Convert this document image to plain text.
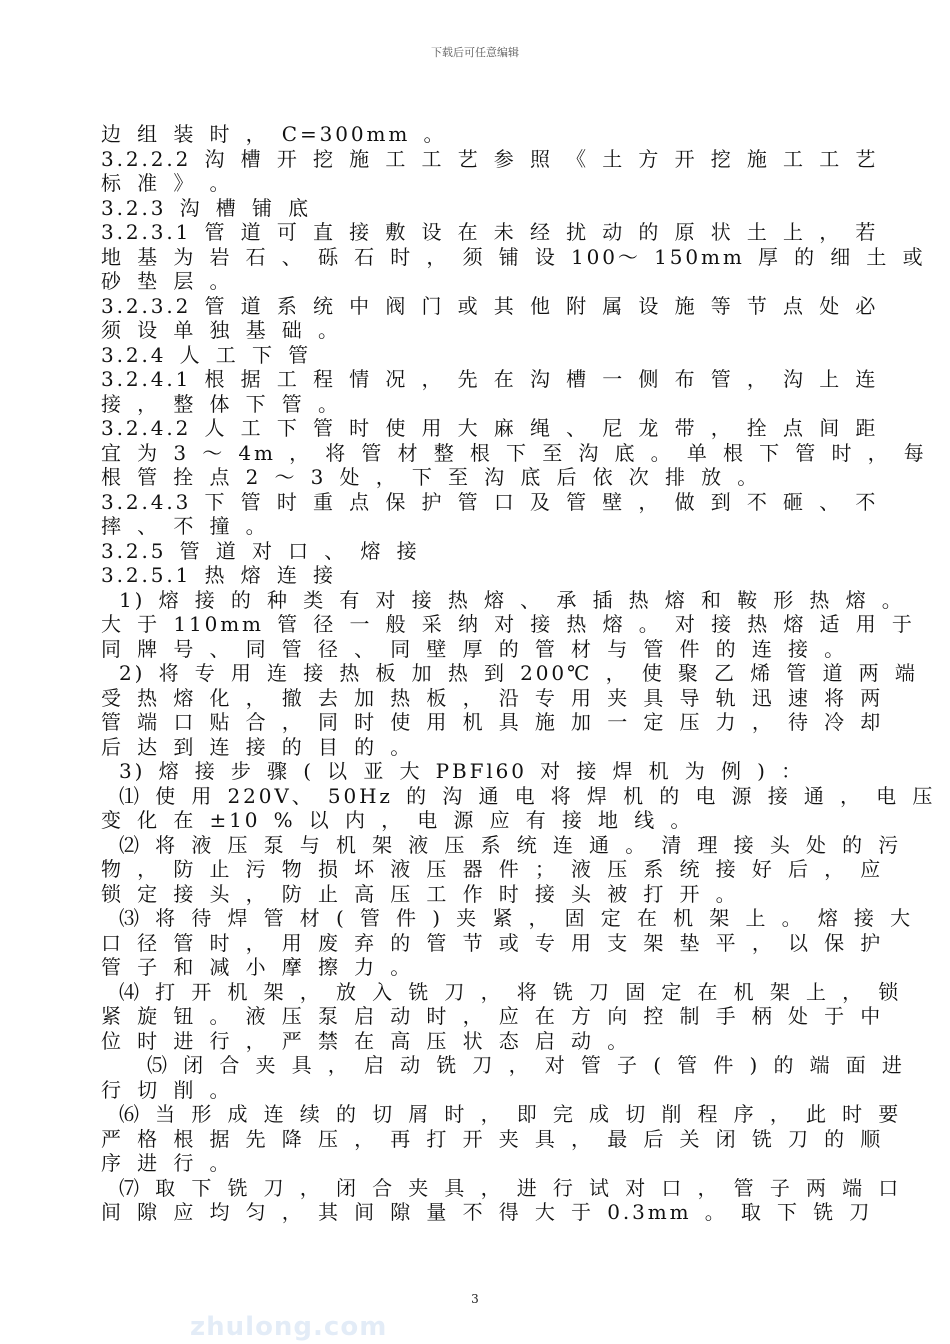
下载后可任意编辑
边 组 装 时 ， C=300mm 。
3.2.2.2 沟 槽 开 挖 施 工 工 艺 参 照 《 土 方 开 挖 施 工 工 艺
标 准 》 。
3.2.3 沟 槽 铺 底
3.2.3.1 管 道 可 直 接 敷 设 在 未 经 扰 动 的 原 状 土 上 ， 若
地 基 为 岩 石 、 砾 石 时 ， 须 铺 设 100～ 150mm 厚 的 细 土 或
砂 垫 层 。
3.2.3.2 管 道 系 统 中 阀 门 或 其 他 附 属 设 施 等 节 点 处 必
须 设 单 独 基 础 。
3.2.4 人 工 下 管
3.2.4.1 根 据 工 程 情 况 ， 先 在 沟 槽 一 侧 布 管 ， 沟 上 连
接 ， 整 体 下 管 。
3.2.4.2 人 工 下 管 时 使 用 大 麻 绳 、 尼 龙 带 ， 拴 点 间 距
宜 为 3 ～ 4m ， 将 管 材 整 根 下 至 沟 底 。 单 根 下 管 时 ， 每
根 管 拴 点 2 ～ 3 处 ， 下 至 沟 底 后 依 次 排 放 。
3.2.4.3 下 管 时 重 点 保 护 管 口 及 管 壁 ， 做 到 不 砸 、 不
摔 、 不 撞 。
3.2.5 管 道 对 口 、 熔 接
3.2.5.1 热 熔 连 接
1) 熔 接 的 种 类 有 对 接 热 熔 、 承 插 热 熔 和 鞍 形 热 熔 。
大 于 110mm 管 径 一 般 采 纳 对 接 热 熔 。 对 接 热 熔 适 用 于
同 牌 号 、 同 管 径 、 同 壁 厚 的 管 材 与 管 件 的 连 接 。
2) 将 专 用 连 接 热 板 加 热 到 200℃ ， 使 聚 乙 烯 管 道 两 端
受 热 熔 化 ， 撤 去 加 热 板 ， 沿 专 用 夹 具 导 轨 迅 速 将 两
管 端 口 贴 合 ， 同 时 使 用 机 具 施 加 一 定 压 力 ， 待 冷 却
后 达 到 连 接 的 目 的 。
3) 熔 接 步 骤 ( 以 亚 大 PBFl60 对 接 焊 机 为 例 ) ：
⑴ 使 用 220V、 50Hz 的 沟 通 电 将 焊 机 的 电 源 接 通 ， 电 压
变 化 在 ±10 % 以 内 ， 电 源 应 有 接 地 线 。
⑵ 将 液 压 泵 与 机 架 液 压 系 统 连 通 。 清 理 接 头 处 的 污
物 ， 防 止 污 物 损 坏 液 压 器 件 ； 液 压 系 统 接 好 后 ， 应
锁 定 接 头 ， 防 止 高 压 工 作 时 接 头 被 打 开 。
⑶ 将 待 焊 管 材 ( 管 件 ) 夹 紧 ， 固 定 在 机 架 上 。 熔 接 大
口 径 管 时 ， 用 废 弃 的 管 节 或 专 用 支 架 垫 平 ， 以 保 护
管 子 和 减 小 摩 擦 力 。
⑷ 打 开 机 架 ， 放 入 铣 刀 ， 将 铣 刀 固 定 在 机 架 上 ， 锁
紧 旋 钮 。 液 压 泵 启 动 时 ， 应 在 方 向 控 制 手 柄 处 于 中
位 时 进 行 ， 严 禁 在 高 压 状 态 启 动 。
⑸ 闭 合 夹 具 ， 启 动 铣 刀 ， 对 管 子 ( 管 件 ) 的 端 面 进
行 切 削 。
⑹ 当 形 成 连 续 的 切 屑 时 ， 即 完 成 切 削 程 序 ， 此 时 要
严 格 根 据 先 降 压 ， 再 打 开 夹 具 ， 最 后 关 闭 铣 刀 的 顺
序 进 行 。
⑺ 取 下 铣 刀 ， 闭 合 夹 具 ， 进 行 试 对 口 ， 管 子 两 端 口
间 隙 应 均 匀 ， 其 间 隙 量 不 得 大 于 0.3mm 。 取 下 铣 刀
3
zhulong.com
